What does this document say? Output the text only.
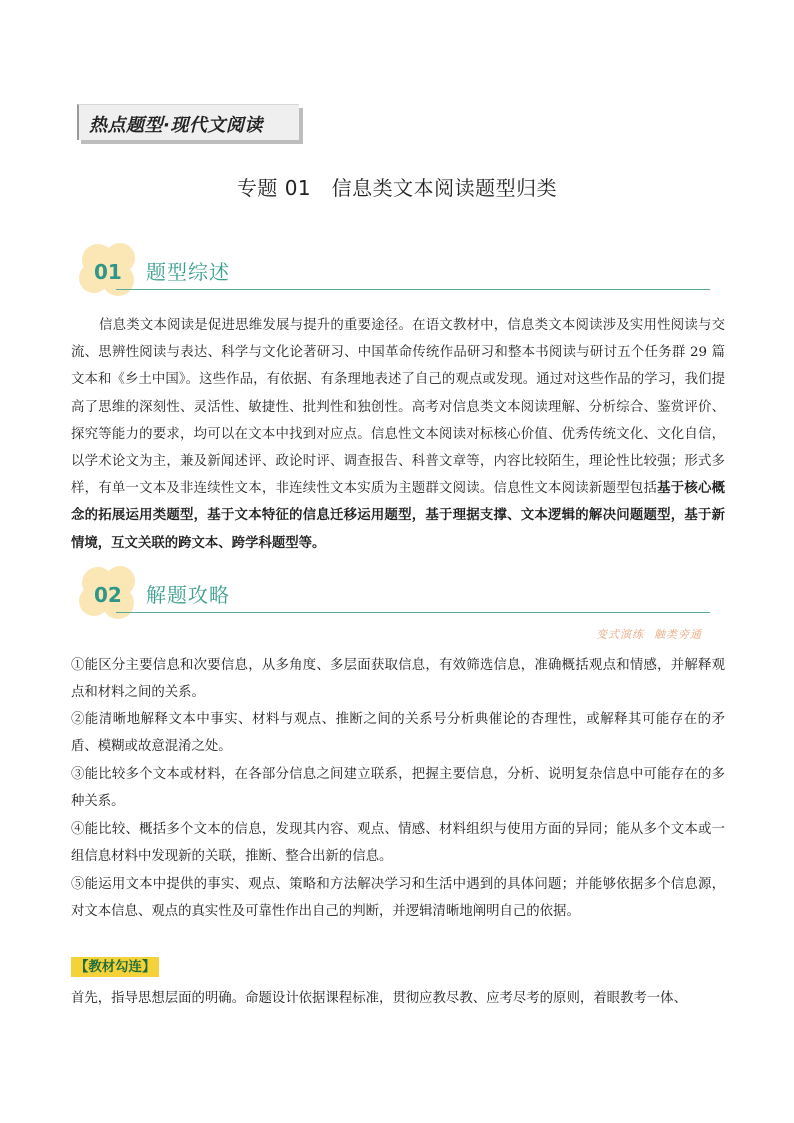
热点题型·现代文阅读
专题 01　信息类文本阅读题型归类
01 题型综述
信息类文本阅读是促进思维发展与提升的重要途径。在语文教材中，信息类文本阅读涉及实用性阅读与交流、思辨性阅读与表达、科学与文化论著研习、中国革命传统作品研习和整本书阅读与研讨五个任务群 29 篇文本和《乡土中国》。这些作品，有依据、有条理地表述了自己的观点或发现。通过对这些作品的学习，我们提高了思维的深刻性、灵活性、敏捷性、批判性和独创性。高考对信息类文本阅读理解、分析综合、鉴赏评价、探究等能力的要求，均可以在文本中找到对应点。信息性文本阅读对标核心价值、优秀传统文化、文化自信，以学术论文为主，兼及新闻述评、政论时评、调查报告、科普文章等，内容比较陌生，理论性比较强；形式多样，有单一文本及非连续性文本，非连续性文本实质为主题群文阅读。信息性文本阅读新题型包括基于核心概念的拓展运用类题型，基于文本特征的信息迁移运用题型，基于理据支撑、文本逻辑的解决问题题型，基于新情境，互文关联的跨文本、跨学科题型等。
02 解题攻略
变式演练 触类旁通
①能区分主要信息和次要信息，从多角度、多层面获取信息，有效筛选信息，准确概括观点和情感，并解释观点和材料之间的关系。
②能清晰地解释文本中事实、材料与观点、推断之间的关系号分析典催论的杏理性，或解释其可能存在的矛盾、模糊或故意混淆之处。
③能比较多个文本或材料，在各部分信息之间建立联系，把握主要信息，分析、说明复杂信息中可能存在的多种关系。
④能比较、概括多个文本的信息，发现其内容、观点、情感、材料组织与使用方面的异同；能从多个文本或一组信息材料中发现新的关联，推断、整合出新的信息。
⑤能运用文本中提供的事实、观点、策略和方法解决学习和生活中遇到的具体问题；并能够依据多个信息源，对文本信息、观点的真实性及可靠性作出自己的判断，并逻辑清晰地阐明自己的依据。
【教材勾连】
首先，指导思想层面的明确。命题设计依据课程标准，贯彻应教尽教、应考尽考的原则，着眼教考一体、
